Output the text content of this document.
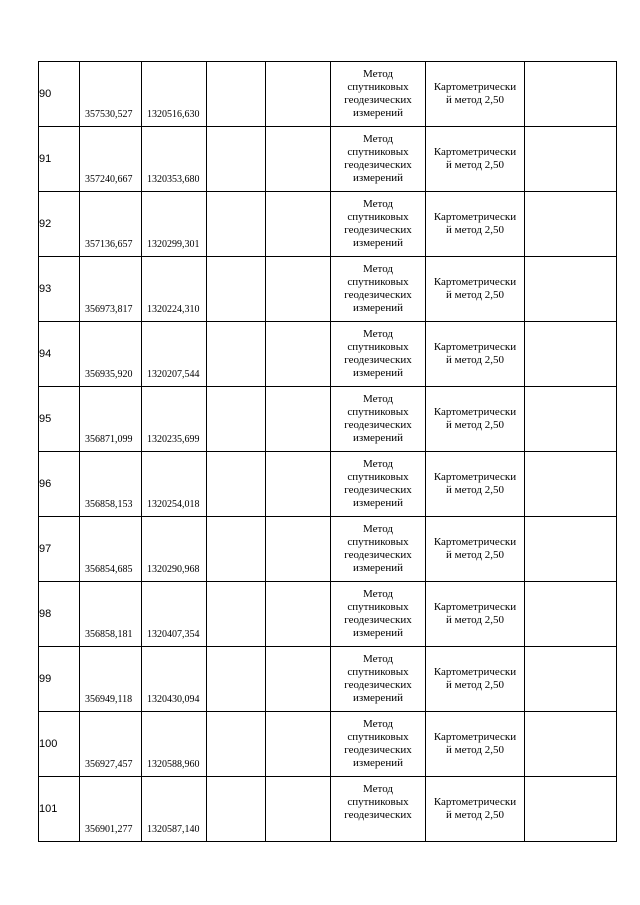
90	357530,527	1320516,630			Метод
спутниковых
геодезических
измерений	Картометрически
й метод 2,50	

91	357240,667	1320353,680			Метод
спутниковых
геодезических
измерений	Картометрически
й метод 2,50	

92	357136,657	1320299,301			Метод
спутниковых
геодезических
измерений	Картометрически
й метод 2,50	

93	356973,817	1320224,310			Метод
спутниковых
геодезических
измерений	Картометрически
й метод 2,50	

94	356935,920	1320207,544			Метод
спутниковых
геодезических
измерений	Картометрически
й метод 2,50	

95	356871,099	1320235,699			Метод
спутниковых
геодезических
измерений	Картометрически
й метод 2,50	

96	356858,153	1320254,018			Метод
спутниковых
геодезических
измерений	Картометрически
й метод 2,50	

97	356854,685	1320290,968			Метод
спутниковых
геодезических
измерений	Картометрически
й метод 2,50	

98	356858,181	1320407,354			Метод
спутниковых
геодезических
измерений	Картометрически
й метод 2,50	

99	356949,118	1320430,094			Метод
спутниковых
геодезических
измерений	Картометрически
й метод 2,50	

100	356927,457	1320588,960			Метод
спутниковых
геодезических
измерений	Картометрически
й метод 2,50	

101	356901,277	1320587,140			Метод
спутниковых
геодезических	Картометрически
й метод 2,50	
